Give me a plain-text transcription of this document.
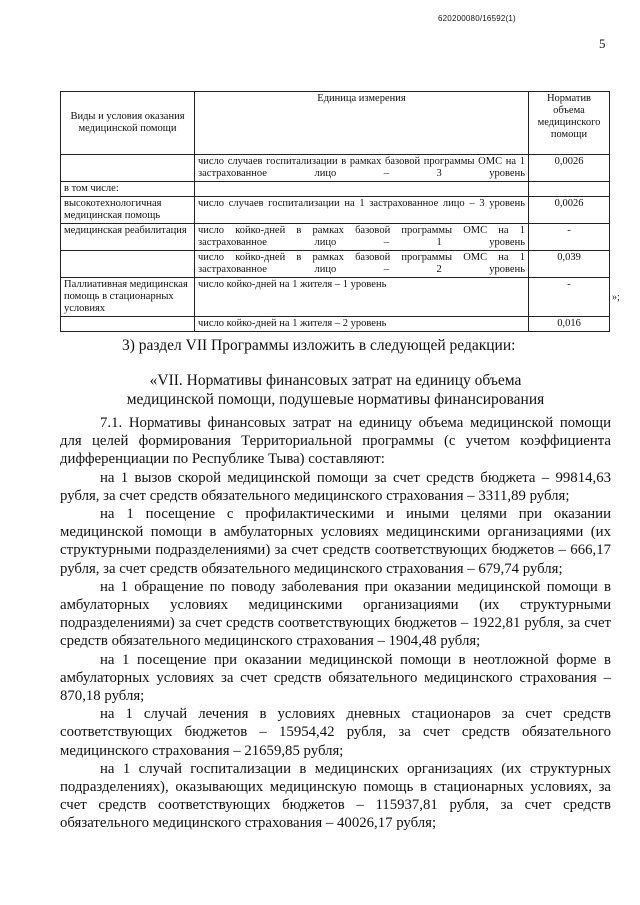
620200080/16592(1)
5
Виды и условия оказания медицинской помощи	Единица измерения	Норматив объема медицинского помощи
	число случаев госпитализации в рамках базовой программы ОМС на 1 застрахованное лицо – 3 уровень	0,0026
в том числе:		
высокотехнологичная медицинская помощь	число случаев госпитализации на 1 застрахованное лицо – 3 уровень	0,0026
медицинская реабилитация	число койко-дней в рамках базовой программы ОМС на 1 застрахованное лицо – 1 уровень	-
	число койко-дней в рамках базовой программы ОМС на 1 застрахованное лицо – 2 уровень	0,039
Паллиативная медицинская помощь в стационарных условиях	число койко-дней на 1 жителя – 1 уровень	-
	число койко-дней на 1 жителя – 2 уровень	0,016
»;
3) раздел VII Программы изложить в следующей редакции:
«VII. Нормативы финансовых затрат на единицу объема
медицинской помощи, подушевые нормативы финансирования

7.1. Нормативы финансовых затрат на единицу объема медицинской помощи для целей формирования Территориальной программы (с учетом коэффициента дифференциации по Республике Тыва) составляют:

на 1 вызов скорой медицинской помощи за счет средств бюджета – 99814,63 рубля, за счет средств обязательного медицинского страхования – 3311,89 рубля;

на 1 посещение с профилактическими и иными целями при оказании медицинской помощи в амбулаторных условиях медицинскими организациями (их структурными подразделениями) за счет средств соответствующих бюджетов – 666,17 рубля, за счет средств обязательного медицинского страхования – 679,74 рубля;

на 1 обращение по поводу заболевания при оказании медицинской помощи в амбулаторных условиях медицинскими организациями (их структурными подразделениями) за счет средств соответствующих бюджетов – 1922,81 рубля, за счет средств обязательного медицинского страхования – 1904,48 рубля;

на 1 посещение при оказании медицинской помощи в неотложной форме в амбулаторных условиях за счет средств обязательного медицинского страхования – 870,18 рубля;

на 1 случай лечения в условиях дневных стационаров за счет средств соответствующих бюджетов – 15954,42 рубля, за счет средств обязательного медицинского страхования – 21659,85 рубля;

на 1 случай госпитализации в медицинских организациях (их структурных подразделениях), оказывающих медицинскую помощь в стационарных условиях, за счет средств соответствующих бюджетов – 115937,81 рубля, за счет средств обязательного медицинского страхования – 40026,17 рубля;
